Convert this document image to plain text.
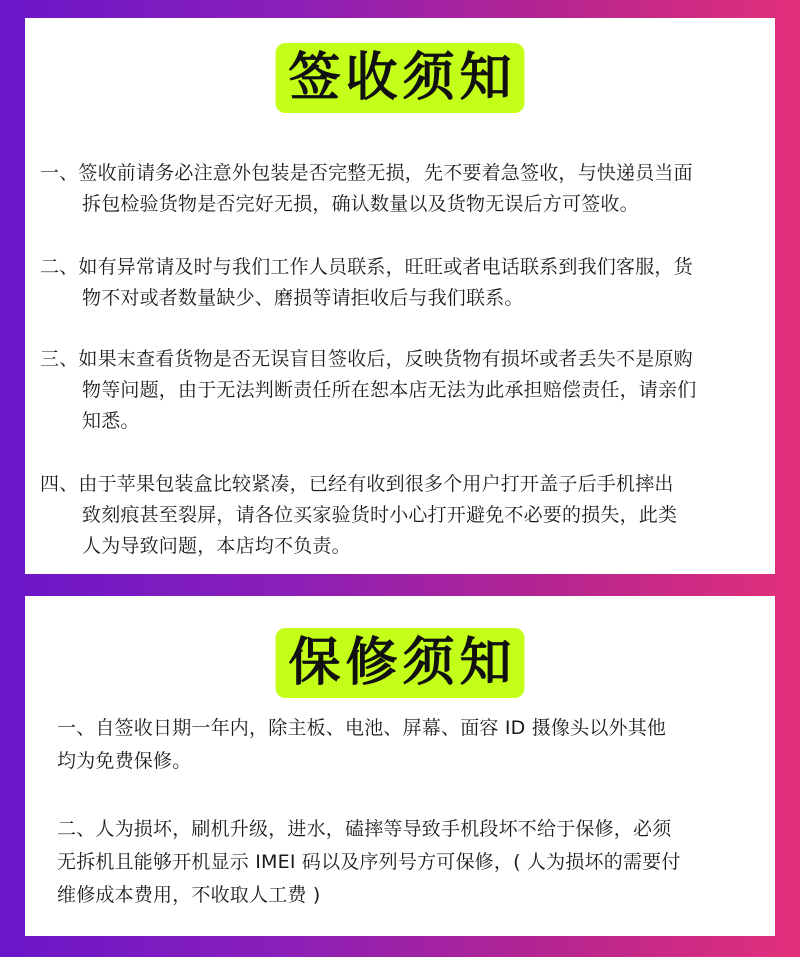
签收须知

一、签收前请务必注意外包装是否完整无损，先不要着急签收，与快递员当面
拆包检验货物是否完好无损，确认数量以及货物无误后方可签收。

二、如有异常请及时与我们工作人员联系，旺旺或者电话联系到我们客服，货
物不对或者数量缺少、磨损等请拒收后与我们联系。

三、如果末查看货物是否无误盲目签收后，反映货物有损坏或者丢失不是原购
物等问题，由于无法判断责任所在恕本店无法为此承担赔偿责任，请亲们
知悉。

四、由于苹果包装盒比较紧凑，已经有收到很多个用户打开盖子后手机摔出
致刻痕甚至裂屏，请各位买家验货时小心打开避免不必要的损失，此类
人为导致问题，本店均不负责。

保修须知

一、自签收日期一年内，除主板、电池、屏幕、面容 ID 摄像头以外其他
均为免费保修。

二、人为损坏，刷机升级，进水，磕摔等导致手机段坏不给于保修，必须
无拆机且能够开机显示 IMEI 码以及序列号方可保修，( 人为损坏的需要付
维修成本费用，不收取人工费 )
